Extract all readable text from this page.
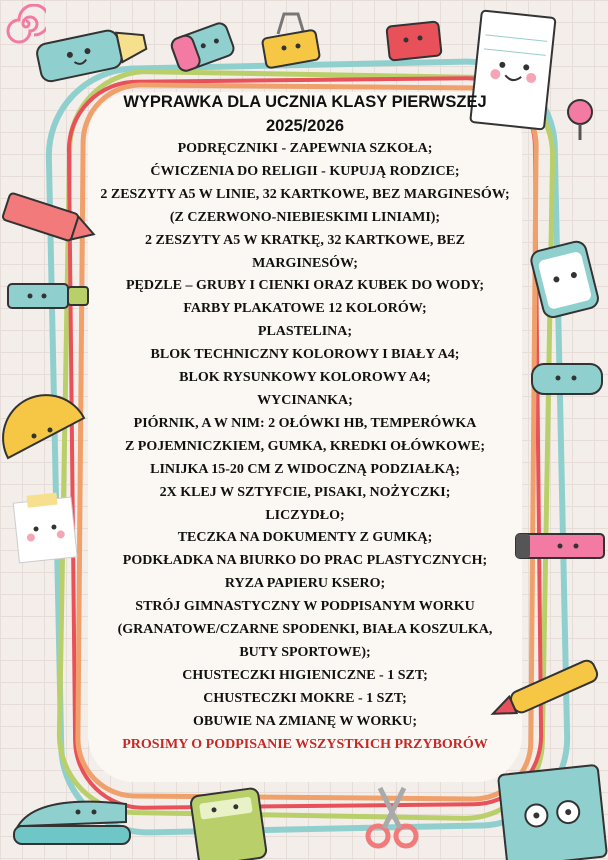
WYPRAWKA DLA UCZNIA KLASY PIERWSZEJ

2025/2026

PODRĘCZNIKI - ZAPEWNIA SZKOŁA;

ĆWICZENIA DO RELIGII - KUPUJĄ RODZICE;

2 ZESZYTY A5 W LINIE, 32 KARTKOWE, BEZ MARGINESÓW;

(Z CZERWONO-NIEBIESKIMI LINIAMI);

2 ZESZYTY A5 W KRATKĘ, 32 KARTKOWE, BEZ

MARGINESÓW;

PĘDZLE – GRUBY I CIENKI ORAZ KUBEK DO WODY;

FARBY PLAKATOWE 12 KOLORÓW;

PLASTELINA;

BLOK TECHNICZNY KOLOROWY I BIAŁY A4;

BLOK RYSUNKOWY KOLOROWY A4;

WYCINANKA;

PIÓRNIK, A W NIM: 2 OŁÓWKI HB, TEMPERÓWKA

Z POJEMNICZKIEM, GUMKA, KREDKI OŁÓWKOWE;

LINIJKA 15-20 CM Z WIDOCZNĄ PODZIAŁKĄ;

2X KLEJ W SZTYFCIE, PISAKI, NOŻYCZKI;

LICZYDŁO;

TECZKA NA DOKUMENTY Z GUMKĄ;

PODKŁADKA NA BIURKO DO PRAC PLASTYCZNYCH;

RYZA PAPIERU KSERO;

STRÓJ GIMNASTYCZNY W PODPISANYM WORKU

(GRANATOWE/CZARNE SPODENKI, BIAŁA KOSZULKA,

BUTY SPORTOWE);

CHUSTECZKI HIGIENICZNE - 1 SZT;

CHUSTECZKI MOKRE - 1 SZT;

OBUWIE NA ZMIANĘ W WORKU;

PROSIMY O PODPISANIE WSZYSTKICH PRZYBORÓW
